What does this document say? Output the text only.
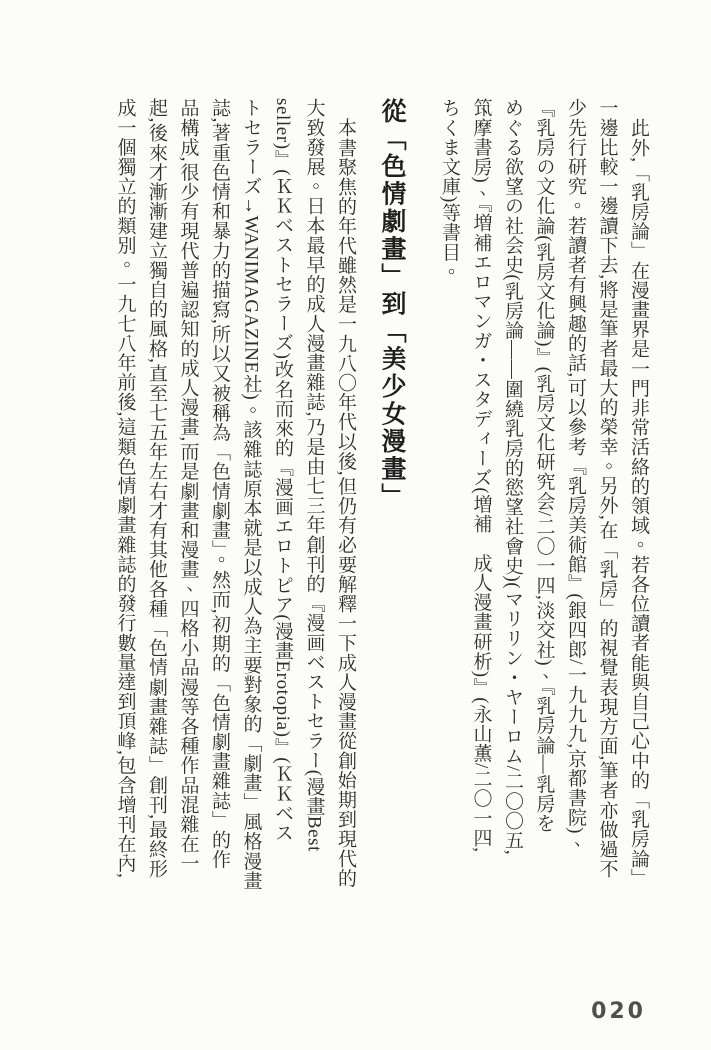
此外,「乳房論」在漫畫界是一門非常活絡的領域。若各位讀者能與自己心中的「乳房論」

一邊比較一邊讀下去,將是筆者最大的榮幸。另外,在「乳房」的視覺表現方面,筆者亦做過不

少先行研究。若讀者有興趣的話,可以參考『乳房美術館』(銀四郎/一九九九,京都書院)、

『乳房の文化論(乳房文化論)』(乳房文化研究会/二〇一四,淡交社)、『乳房論―乳房を

めぐる欲望の社会史(乳房論――圍繞乳房的慾望社會史)(マリリン・ヤーロム/二〇〇五,

筑摩書房)、『増補エロマンガ・スタディーズ(増補　成人漫畫研析)』(永山薫/二〇一四,

ちくま文庫)等書目。

從「色情劇畫」到「美少女漫畫」

本書聚焦的年代雖然是一九八〇年代以後,但仍有必要解釋一下成人漫畫從創始期到現代的

大致發展。日本最早的成人漫畫雜誌,乃是由七三年創刊的『漫画ベストセラー(漫畫Best

seller)』(ＫＫベストセラーズ)改名而來的『漫画エロトピア(漫畫Erotopia)』(ＫＫベス

トセラーズ→WANIMAGAZINE社)。該雜誌原本就是以成人為主要對象的「劇畫」風格漫畫

誌,著重色情和暴力的描寫,所以又被稱為「色情劇畫」。然而,初期的「色情劇畫雜誌」的作

品構成,很少有現代普遍認知的成人漫畫,而是劇畫和漫畫、四格小品漫等各種作品混雜在一

起,後來才漸漸建立獨自的風格,直至七五年左右才有其他各種「色情劇畫雜誌」創刊,最終形

成一個獨立的類別。一九七八年前後,這類色情劇畫雜誌的發行數量達到頂峰,包含增刊在內,

020
